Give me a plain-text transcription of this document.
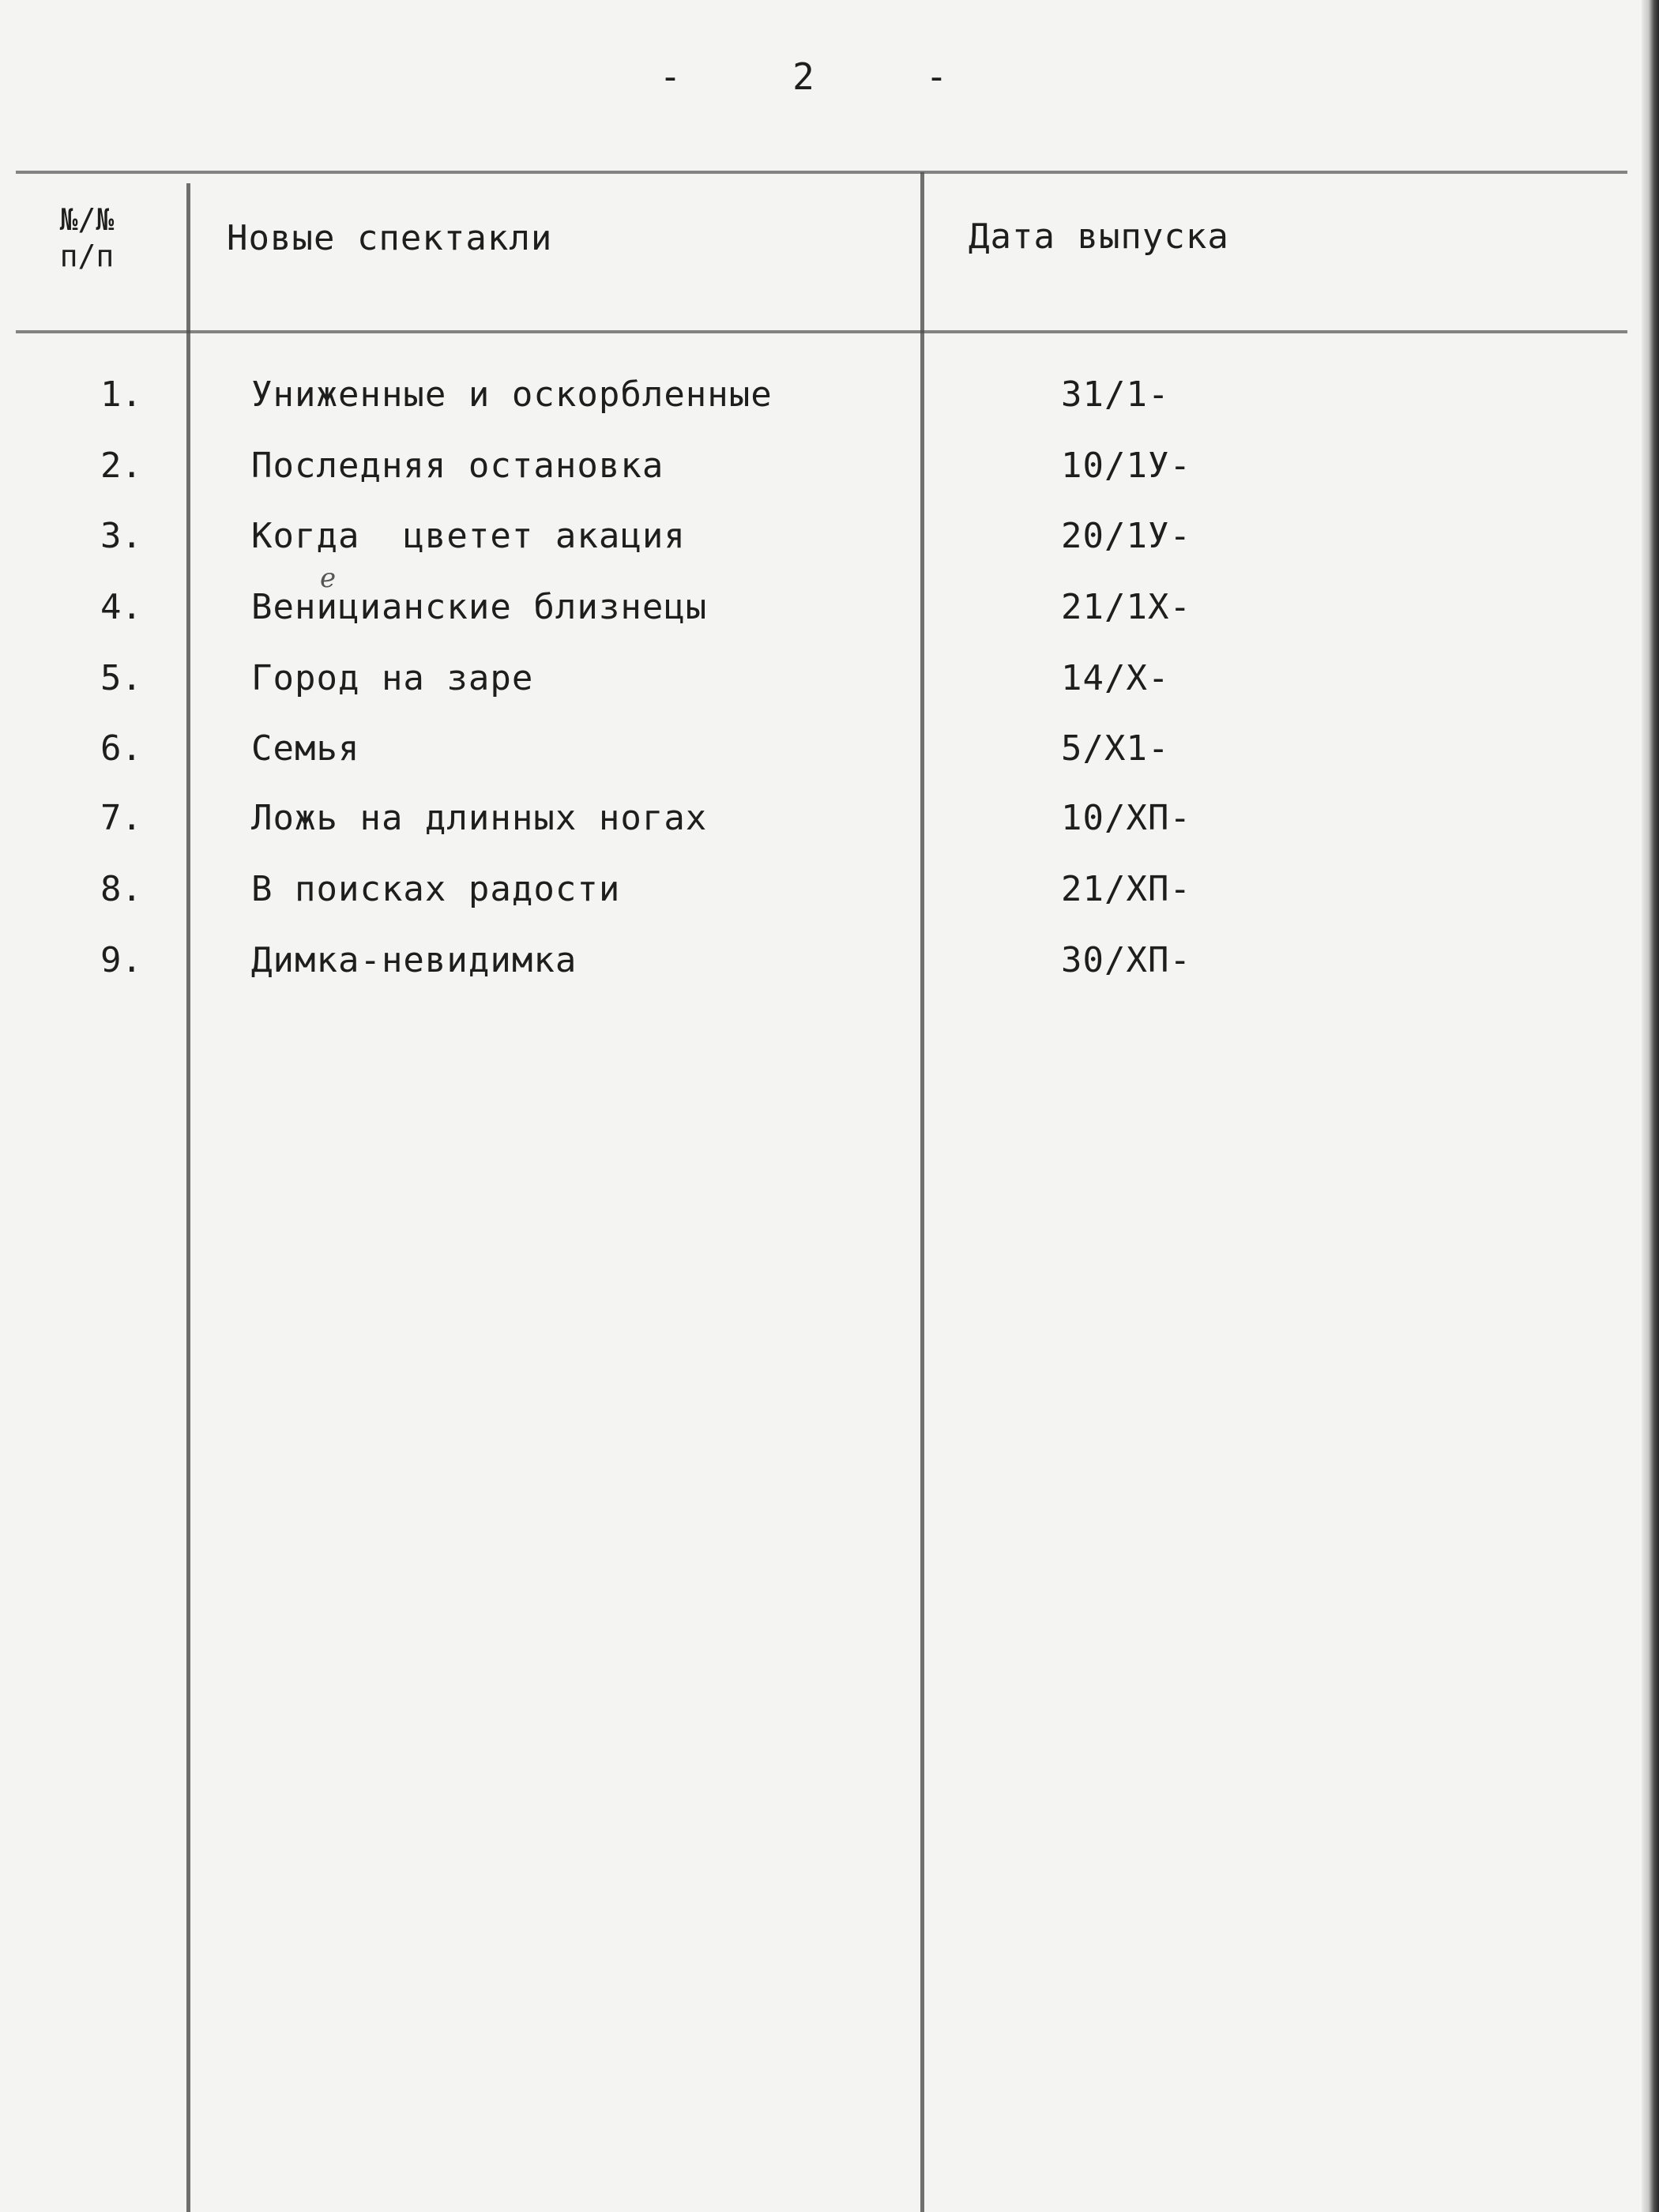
-    2    -
№/№
п/п	Новые спектакли	Дата выпуска
1.	Униженные и оскорбленные	31/1-
2.	Последняя остановка	10/1У-
3.	Когда  цветет акация	20/1У-
4.	Венициaнские близнецы	21/1Х-
5.	Город на заре	14/Х-
6.	Семья	5/Х1-
7.	Ложь на длинных ногах	10/ХП-
8.	В поисках радости	21/ХП-
9.	Димка-невидимка	30/ХП-
е
